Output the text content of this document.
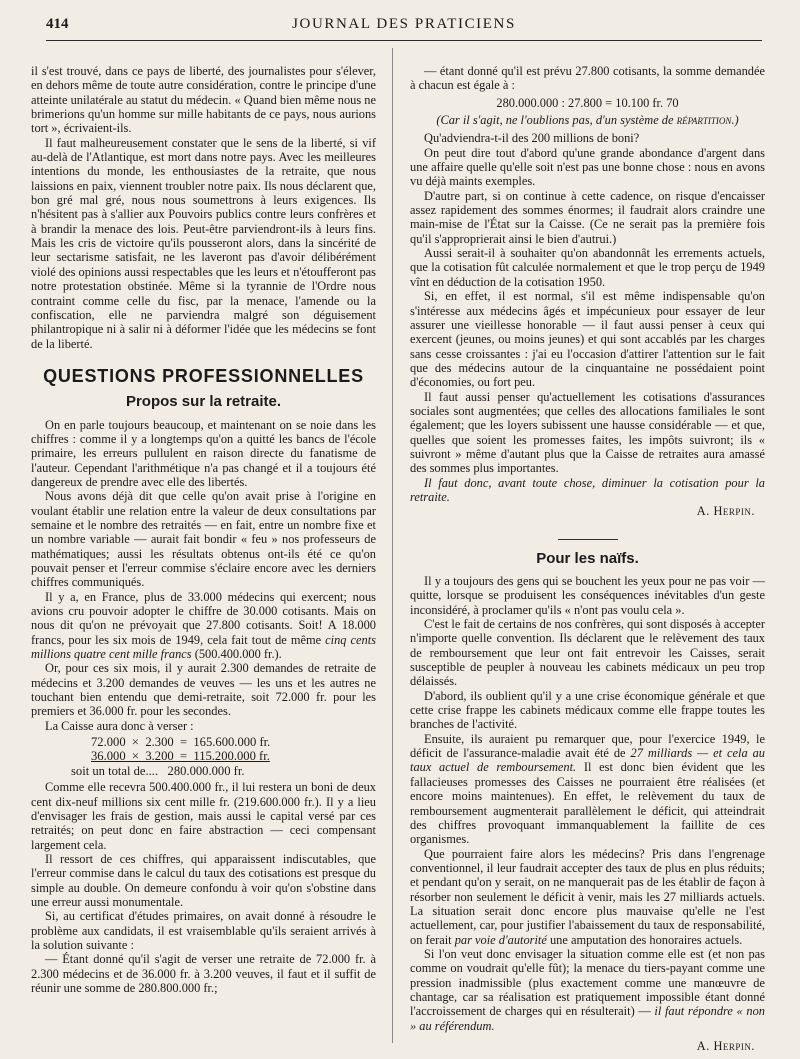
414	JOURNAL DES PRATICIENS

il s'est trouvé, dans ce pays de liberté, des journalistes pour s'élever, en dehors même de toute autre considération, contre le principe d'une atteinte unilatérale au statut du médecin. « Quand bien même nous ne brimerions qu'un homme sur mille habitants de ce pays, nous aurions tort », écrivaient-ils.

Il faut malheureusement constater que le sens de la liberté, si vif au-delà de l'Atlantique, est mort dans notre pays. Avec les meilleures intentions du monde, les enthousiastes de la retraite, que nous laissions en paix, viennent troubler notre paix. Ils nous déclarent que, bon gré mal gré, nous nous soumettrons à leurs exigences. Ils n'hésitent pas à s'allier aux Pouvoirs publics contre leurs confrères et à brandir la menace des lois. Peut-être parviendront-ils à leurs fins. Mais les cris de victoire qu'ils pousseront alors, dans la sincérité de leur sectarisme satisfait, ne les laveront pas d'avoir délibérément violé des opinions aussi respectables que les leurs et n'étoufferont pas notre protestation obstinée. Même si la tyrannie de l'Ordre nous contraint comme celle du fisc, par la menace, l'amende ou la confiscation, elle ne parviendra malgré son déguisement philantropique ni à salir ni à déformer l'idée que les médecins se font de la liberté.

QUESTIONS PROFESSIONNELLES
Propos sur la retraite.

On en parle toujours beaucoup, et maintenant on se noie dans les chiffres : comme il y a longtemps qu'on a quitté les bancs de l'école primaire, les erreurs pullulent en raison directe du fanatisme de l'auteur. Cependant l'arithmétique n'a pas changé et il a toujours été dangereux de prendre avec elle des libertés.

Nous avons déjà dit que celle qu'on avait prise à l'origine en voulant établir une relation entre la valeur de deux consultations par semaine et le nombre des retraités — en fait, entre un nombre fixe et un nombre variable — aurait fait bondir « feu » nos professeurs de mathématiques; aussi les résultats obtenus ont-ils été ce qu'on pouvait penser et l'erreur commise s'éclaire encore avec les derniers chiffres communiqués.

Il y a, en France, plus de 33.000 médecins qui exercent; nous avions cru pouvoir adopter le chiffre de 30.000 cotisants. Mais on nous dit qu'on ne prévoyait que 27.800 cotisants. Soit! A 18.000 francs, pour les six mois de 1949, cela fait tout de même cinq cents millions quatre cent mille francs (500.400.000 fr.).

Or, pour ces six mois, il y aurait 2.300 demandes de retraite de médecins et 3.200 demandes de veuves — les uns et les autres ne touchant bien entendu que demi-retraite, soit 72.000 fr. pour les premiers et 36.000 fr. pour les secondes.

La Caisse aura donc à verser :

72.000  ×  2.300  =  165.600.000 fr.
36.000  ×  3.200  =  115.200.000 fr.
soit un total de....   280.000.000 fr.

Comme elle recevra 500.400.000 fr., il lui restera un boni de deux cent dix-neuf millions six cent mille fr. (219.600.000 fr.). Il y a lieu d'envisager les frais de gestion, mais aussi le capital versé par ces retraités; on peut donc en faire abstraction — ceci compensant largement cela.

Il ressort de ces chiffres, qui apparaissent indiscutables, que l'erreur commise dans le calcul du taux des cotisations est presque du simple au double. On demeure confondu à voir qu'on s'obstine dans une erreur aussi monumentale.

Si, au certificat d'études primaires, on avait donné à résoudre le problème aux candidats, il est vraisemblable qu'ils seraient arrivés à la solution suivante :

— Étant donné qu'il s'agit de verser une retraite de 72.000 fr. à 2.300 médecins et de 36.000 fr. à 3.200 veuves, il faut et il suffit de réunir une somme de 280.800.000 fr.;

— étant donné qu'il est prévu 27.800 cotisants, la somme demandée à chacun est égale à :

280.000.000 : 27.800 = 10.100 fr. 70

(Car il s'agit, ne l'oublions pas, d'un système de répartition.)

Qu'adviendra-t-il des 200 millions de boni?

On peut dire tout d'abord qu'une grande abondance d'argent dans une affaire quelle qu'elle soit n'est pas une bonne chose : nous en avons vu déjà maints exemples.

D'autre part, si on continue à cette cadence, on risque d'encaisser assez rapidement des sommes énormes; il faudrait alors craindre une main-mise de l'État sur la Caisse. (Ce ne serait pas la première fois qu'il s'approprierait ainsi le bien d'autrui.)

Aussi serait-il à souhaiter qu'on abandonnât les errements actuels, que la cotisation fût calculée normalement et que le trop perçu de 1949 vînt en déduction de la cotisation 1950.

Si, en effet, il est normal, s'il est même indispensable qu'on s'intéresse aux médecins âgés et impécunieux pour essayer de leur assurer une vieillesse honorable — il faut aussi penser à ceux qui exercent (jeunes, ou moins jeunes) et qui sont accablés par les charges sans cesse croissantes : j'ai eu l'occasion d'attirer l'attention sur le fait que des médecins autour de la cinquantaine ne possédaient point d'économies, ou fort peu.

Il faut aussi penser qu'actuellement les cotisations d'assurances sociales sont augmentées; que celles des allocations familiales le sont également; que les loyers subissent une hausse considérable — et que, quelles que soient les promesses faites, les impôts suivront; ils « suivront » même d'autant plus que la Caisse de retraites aura amassé des sommes plus importantes.

Il faut donc, avant toute chose, diminuer la cotisation pour la retraite.

A. Herpin.

Pour les naïfs.

Il y a toujours des gens qui se bouchent les yeux pour ne pas voir — quitte, lorsque se produisent les conséquences inévitables d'un geste inconsidéré, à proclamer qu'ils « n'ont pas voulu cela ».

C'est le fait de certains de nos confrères, qui sont disposés à accepter n'importe quelle convention. Ils déclarent que le relèvement des taux de remboursement que leur ont fait entrevoir les Caisses, serait susceptible de peupler à nouveau les cabinets médicaux un peu trop délaissés.

D'abord, ils oublient qu'il y a une crise économique générale et que cette crise frappe les cabinets médicaux comme elle frappe toutes les branches de l'activité.

Ensuite, ils auraient pu remarquer que, pour l'exercice 1949, le déficit de l'assurance-maladie avait été de 27 milliards — et cela au taux actuel de remboursement. Il est donc bien évident que les fallacieuses promesses des Caisses ne pourraient être réalisées (et encore moins maintenues). En effet, le relèvement du taux de remboursement augmenterait parallèlement le déficit, qui atteindrait des chiffres provoquant immanquablement la faillite de ces organismes.

Que pourraient faire alors les médecins? Pris dans l'engrenage conventionnel, il leur faudrait accepter des taux de plus en plus réduits; et pendant qu'on y serait, on ne manquerait pas de les établir de façon à résorber non seulement le déficit à venir, mais les 27 milliards actuels. La situation serait donc encore plus mauvaise qu'elle ne l'est actuellement, car, pour justifier l'abaissement du taux de responsabilité, on ferait par voie d'autorité une amputation des honoraires actuels.

Si l'on veut donc envisager la situation comme elle est (et non pas comme on voudrait qu'elle fût); la menace du tiers-payant comme une pression inadmissible (plus exactement comme une manœuvre de chantage, car sa réalisation est pratiquement impossible étant donné l'accroissement de charges qui en résulterait) — il faut répondre « non » au référendum.

A. Herpin.
